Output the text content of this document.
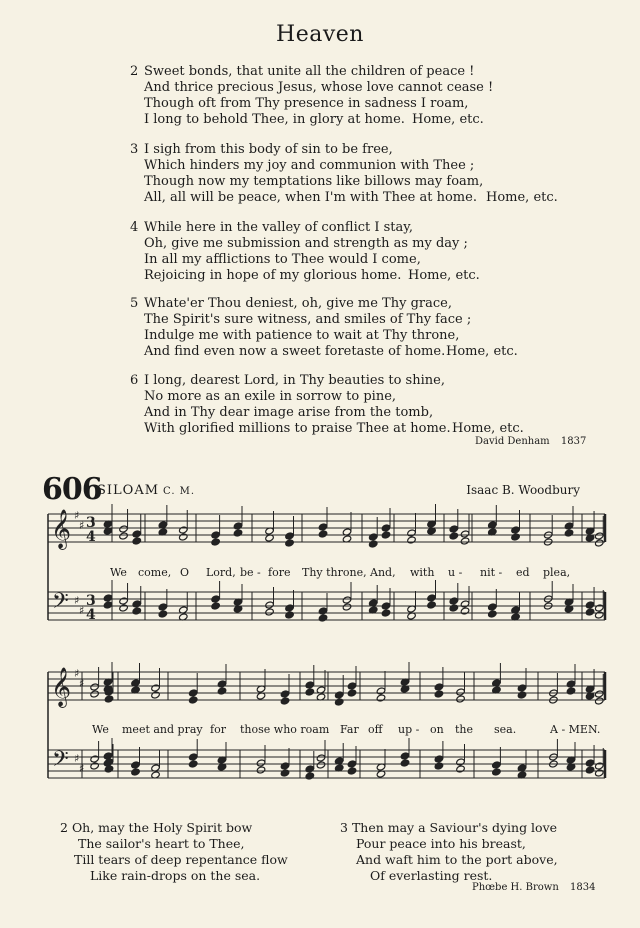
Heaven
2 Sweet bonds, that unite all the children of peace !
And thrice precious Jesus, whose love cannot cease !
Though oft from Thy presence in sadness I roam,
I long to behold Thee, in glory at home. Home, etc.
3 I sigh from this body of sin to be free,
Which hinders my joy and communion with Thee ;
Though now my temptations like billows may foam,
All, all will be peace, when I'm with Thee at home. Home, etc.
4 While here in the valley of conflict I stay,
Oh, give me submission and strength as my day ;
In all my afflictions to Thee would I come,
Rejoicing in hope of my glorious home. Home, etc.
5 Whate'er Thou deniest, oh, give me Thy grace,
The Spirit's sure witness, and smiles of Thy face ;
Indulge me with patience to wait at Thy throne,
And find even now a sweet foretaste of home. Home, etc.
6 I long, dearest Lord, in Thy beauties to shine,
No more as an exile in sorrow to pine,
And in Thy dear image arise from the tomb,
With glorified millions to praise Thee at home. Home, etc.
David Denham 1837
606
SILOAM C. M.	Isaac B. Woodbury
𝄞
𝄢
♯
♯
♯
♯
3
4
3
4
𝄞
𝄢
♯
♯
♯
♯
We come, O Lord, be - fore Thy throne, And, with u - nit - ed plea,
We meet and pray for those who roam Far off up - on the sea.	A - MEN.
2 Oh, may the Holy Spirit bow
The sailor's heart to Thee,
Till tears of deep repentance flow
Like rain-drops on the sea.
3 Then may a Saviour's dying love
Pour peace into his breast,
And waft him to the port above,
Of everlasting rest.
Phœbe H. Brown 1834
